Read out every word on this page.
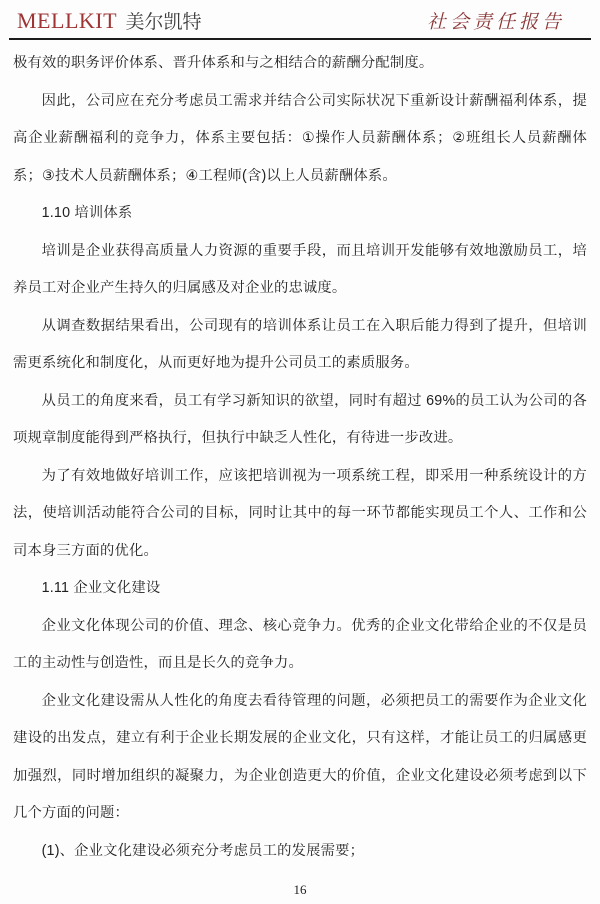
MELLKIT 美尔凯特	社会责任报告

极有效的职务评价体系、晋升体系和与之相结合的薪酬分配制度。

因此，公司应在充分考虑员工需求并结合公司实际状况下重新设计薪酬福利体系，提高企业薪酬福利的竞争力，体系主要包括：①操作人员薪酬体系；②班组长人员薪酬体系；③技术人员薪酬体系；④工程师(含)以上人员薪酬体系。

1.10 培训体系

培训是企业获得高质量人力资源的重要手段，而且培训开发能够有效地激励员工，培养员工对企业产生持久的归属感及对企业的忠诚度。

从调查数据结果看出，公司现有的培训体系让员工在入职后能力得到了提升，但培训需更系统化和制度化，从而更好地为提升公司员工的素质服务。

从员工的角度来看，员工有学习新知识的欲望，同时有超过 69%的员工认为公司的各项规章制度能得到严格执行，但执行中缺乏人性化，有待进一步改进。

为了有效地做好培训工作，应该把培训视为一项系统工程，即采用一种系统设计的方法，使培训活动能符合公司的目标，同时让其中的每一环节都能实现员工个人、工作和公司本身三方面的优化。

1.11 企业文化建设

企业文化体现公司的价值、理念、核心竞争力。优秀的企业文化带给企业的不仅是员工的主动性与创造性，而且是长久的竞争力。

企业文化建设需从人性化的角度去看待管理的问题，必须把员工的需要作为企业文化建设的出发点，建立有利于企业长期发展的企业文化，只有这样，才能让员工的归属感更加强烈，同时增加组织的凝聚力，为企业创造更大的价值，企业文化建设必须考虑到以下几个方面的问题：

(1)、企业文化建设必须充分考虑员工的发展需要；

16
